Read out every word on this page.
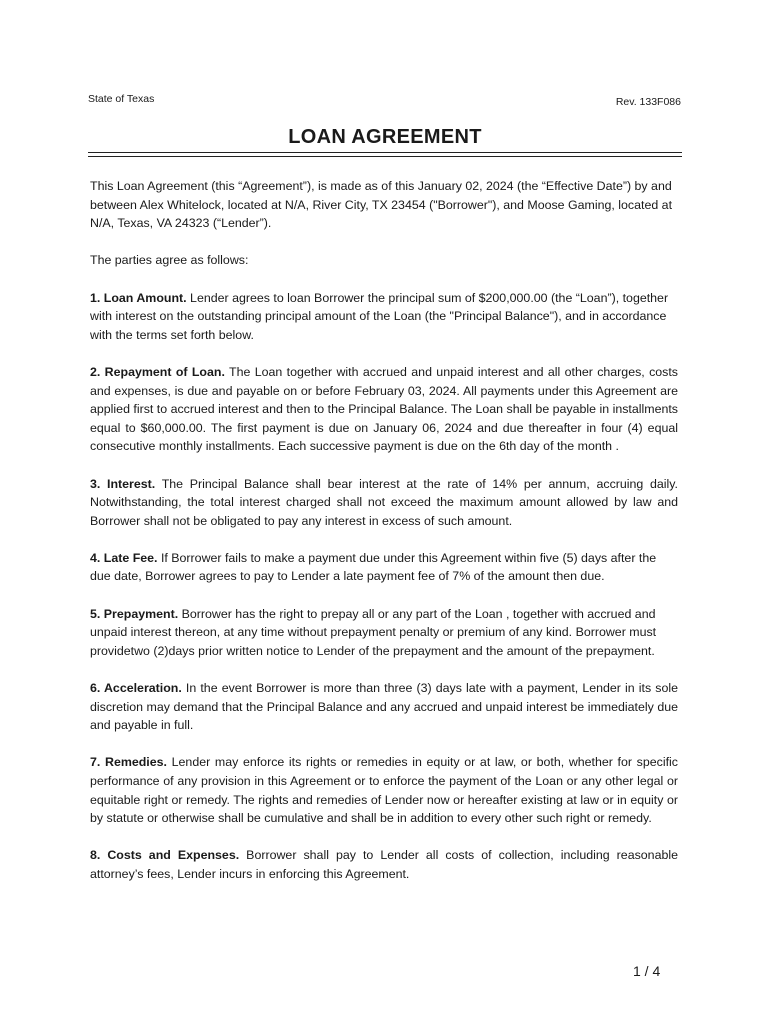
State of Texas	Rev. 133F086
LOAN AGREEMENT

This Loan Agreement (this “Agreement”), is made as of this January 02, 2024 (the “Effective Date”) by and between Alex Whitelock, located at N/A, River City, TX 23454 ("Borrower"), and Moose Gaming, located at N/A, Texas, VA 24323 (“Lender”).

The parties agree as follows:

1. Loan Amount. Lender agrees to loan Borrower the principal sum of $200,000.00 (the “Loan”), together with interest on the outstanding principal amount of the Loan (the "Principal Balance"), and in accordance with the terms set forth below.

2. Repayment of Loan. The Loan together with accrued and unpaid interest and all other charges, costs and expenses, is due and payable on or before February 03, 2024. All payments under this Agreement are applied first to accrued interest and then to the Principal Balance. The Loan shall be payable in installments equal to $60,000.00. The first payment is due on January 06, 2024 and due thereafter in four (4) equal consecutive monthly installments. Each successive payment is due on the 6th day of the month .

3. Interest. The Principal Balance shall bear interest at the rate of 14% per annum, accruing daily. Notwithstanding, the total interest charged shall not exceed the maximum amount allowed by law and Borrower shall not be obligated to pay any interest in excess of such amount.

4. Late Fee. If Borrower fails to make a payment due under this Agreement within five (5) days after the due date, Borrower agrees to pay to Lender a late payment fee of 7% of the amount then due.

5. Prepayment. Borrower has the right to prepay all or any part of the Loan , together with accrued and unpaid interest thereon, at any time without prepayment penalty or premium of any kind. Borrower must providetwo (2)days prior written notice to Lender of the prepayment and the amount of the prepayment.

6. Acceleration. In the event Borrower is more than three (3) days late with a payment, Lender in its sole discretion may demand that the Principal Balance and any accrued and unpaid interest be immediately due and payable in full.

7. Remedies. Lender may enforce its rights or remedies in equity or at law, or both, whether for specific performance of any provision in this Agreement or to enforce the payment of the Loan or any other legal or equitable right or remedy. The rights and remedies of Lender now or hereafter existing at law or in equity or by statute or otherwise shall be cumulative and shall be in addition to every other such right or remedy.

8. Costs and Expenses. Borrower shall pay to Lender all costs of collection, including reasonable attorney’s fees, Lender incurs in enforcing this Agreement.

1 / 4
